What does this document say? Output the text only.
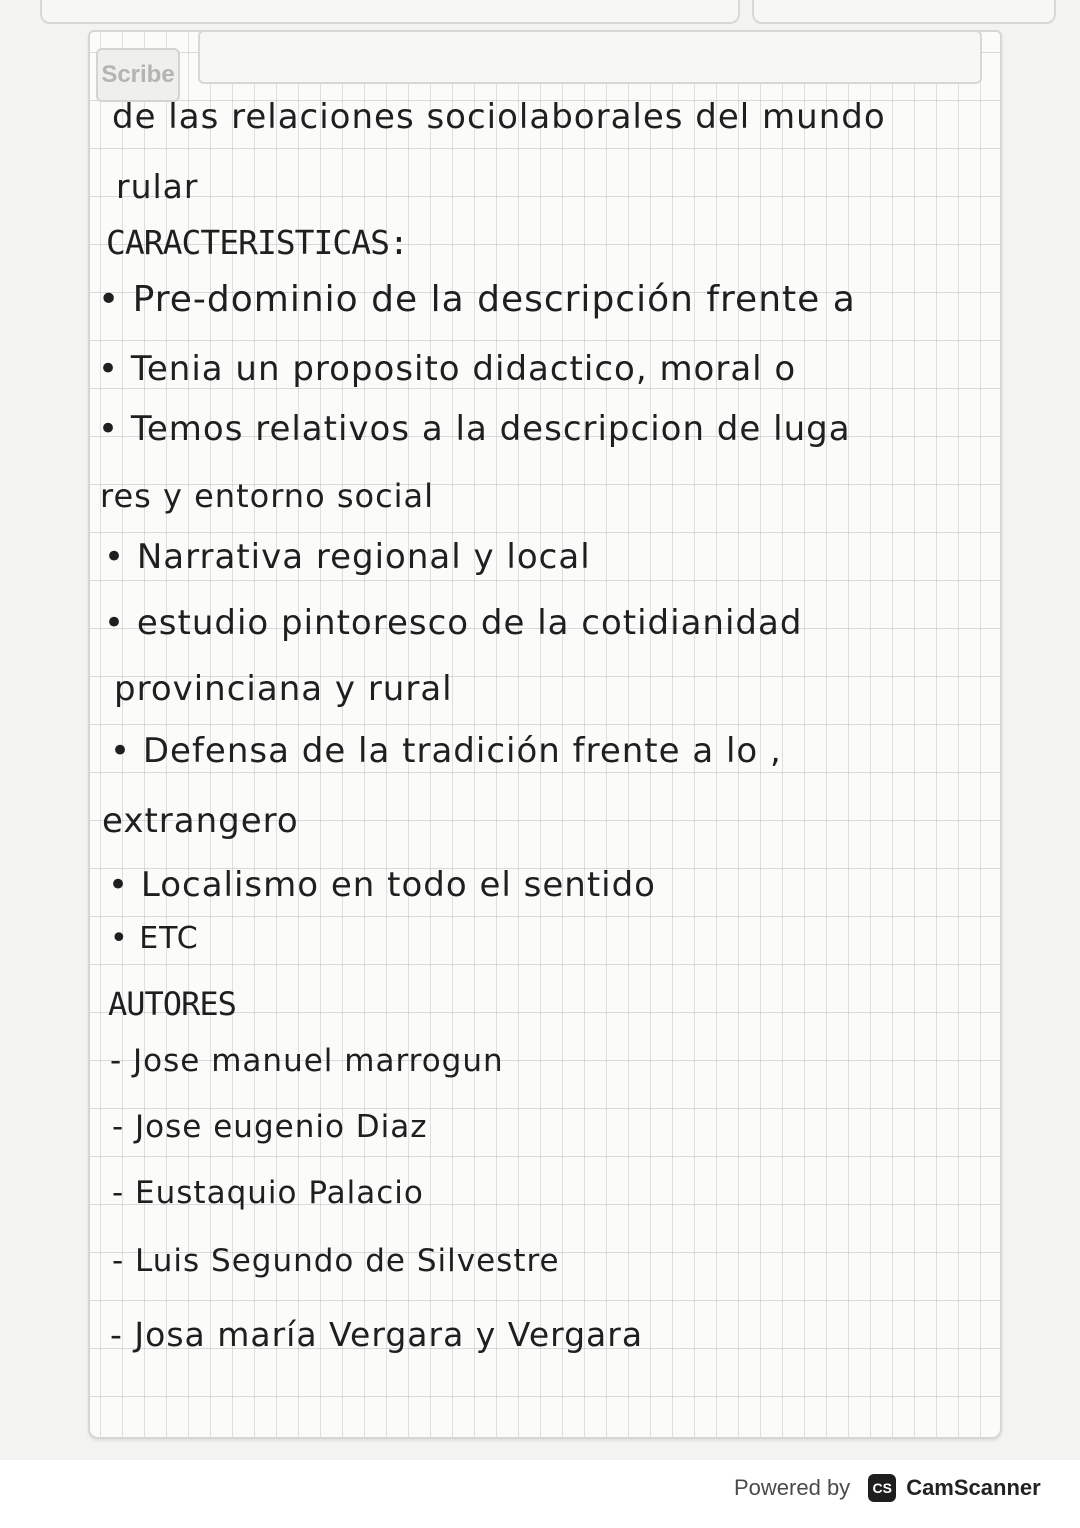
Scribe
de las relaciones sociolaborales del mundo
rular
CARACTERISTICAS:
• Pre-dominio de la descripción frente a
• Tenia un proposito didactico, moral o
• Temos relativos a la descripcion de luga
res y entorno social
• Narrativa regional y local
• estudio pintoresco de la cotidianidad
provinciana y rural
• Defensa de la tradición frente a lo ,
extrangero
• Localismo en todo el sentido
• ETC
AUTORES
- Jose manuel marrogun
- Jose eugenio Diaz
- Eustaquio Palacio
- Luis Segundo de Silvestre
- Josa maría Vergara y Vergara
Powered by	CS CamScanner
